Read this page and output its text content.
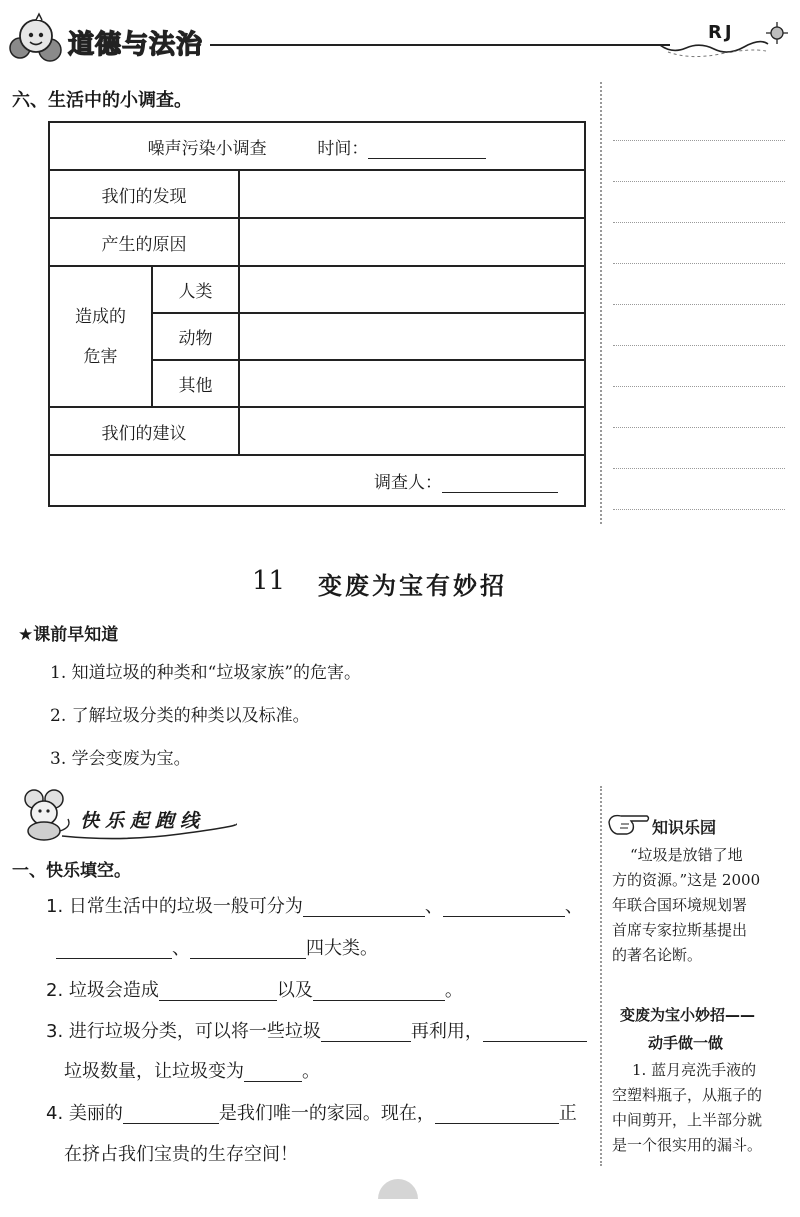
道德与法治	RJ
六、生活中的小调查。
噪声污染小调查 时间：		
我们的发现		
产生的原因		

造成的
危害	人类	
	动物	
	其他	
我们的建议		
调查人：		
11 变废为宝有妙招
★课前早知道
1. 知道垃圾的种类和“垃圾家族”的危害。
2. 了解垃圾分类的种类以及标准。
3. 学会变废为宝。
快乐起跑线
一、快乐填空。
1. 日常生活中的垃圾一般可分为	、	、
、	四大类。
2. 垃圾会造成	以及	。
3. 进行垃圾分类，可以将一些垃圾	再利用，
垃圾数量，让垃圾变为	。
4. 美丽的	是我们唯一的家园。现在，	正
在挤占我们宝贵的生存空间！
知识乐园
“垃圾是放错了地
方的资源。”这是 2000
年联合国环境规划署
首席专家拉斯基提出
的著名论断。
变废为宝小妙招——
动手做一做
1. 蓝月亮洗手液的
空塑料瓶子，从瓶子的
中间剪开，上半部分就
是一个很实用的漏斗。
